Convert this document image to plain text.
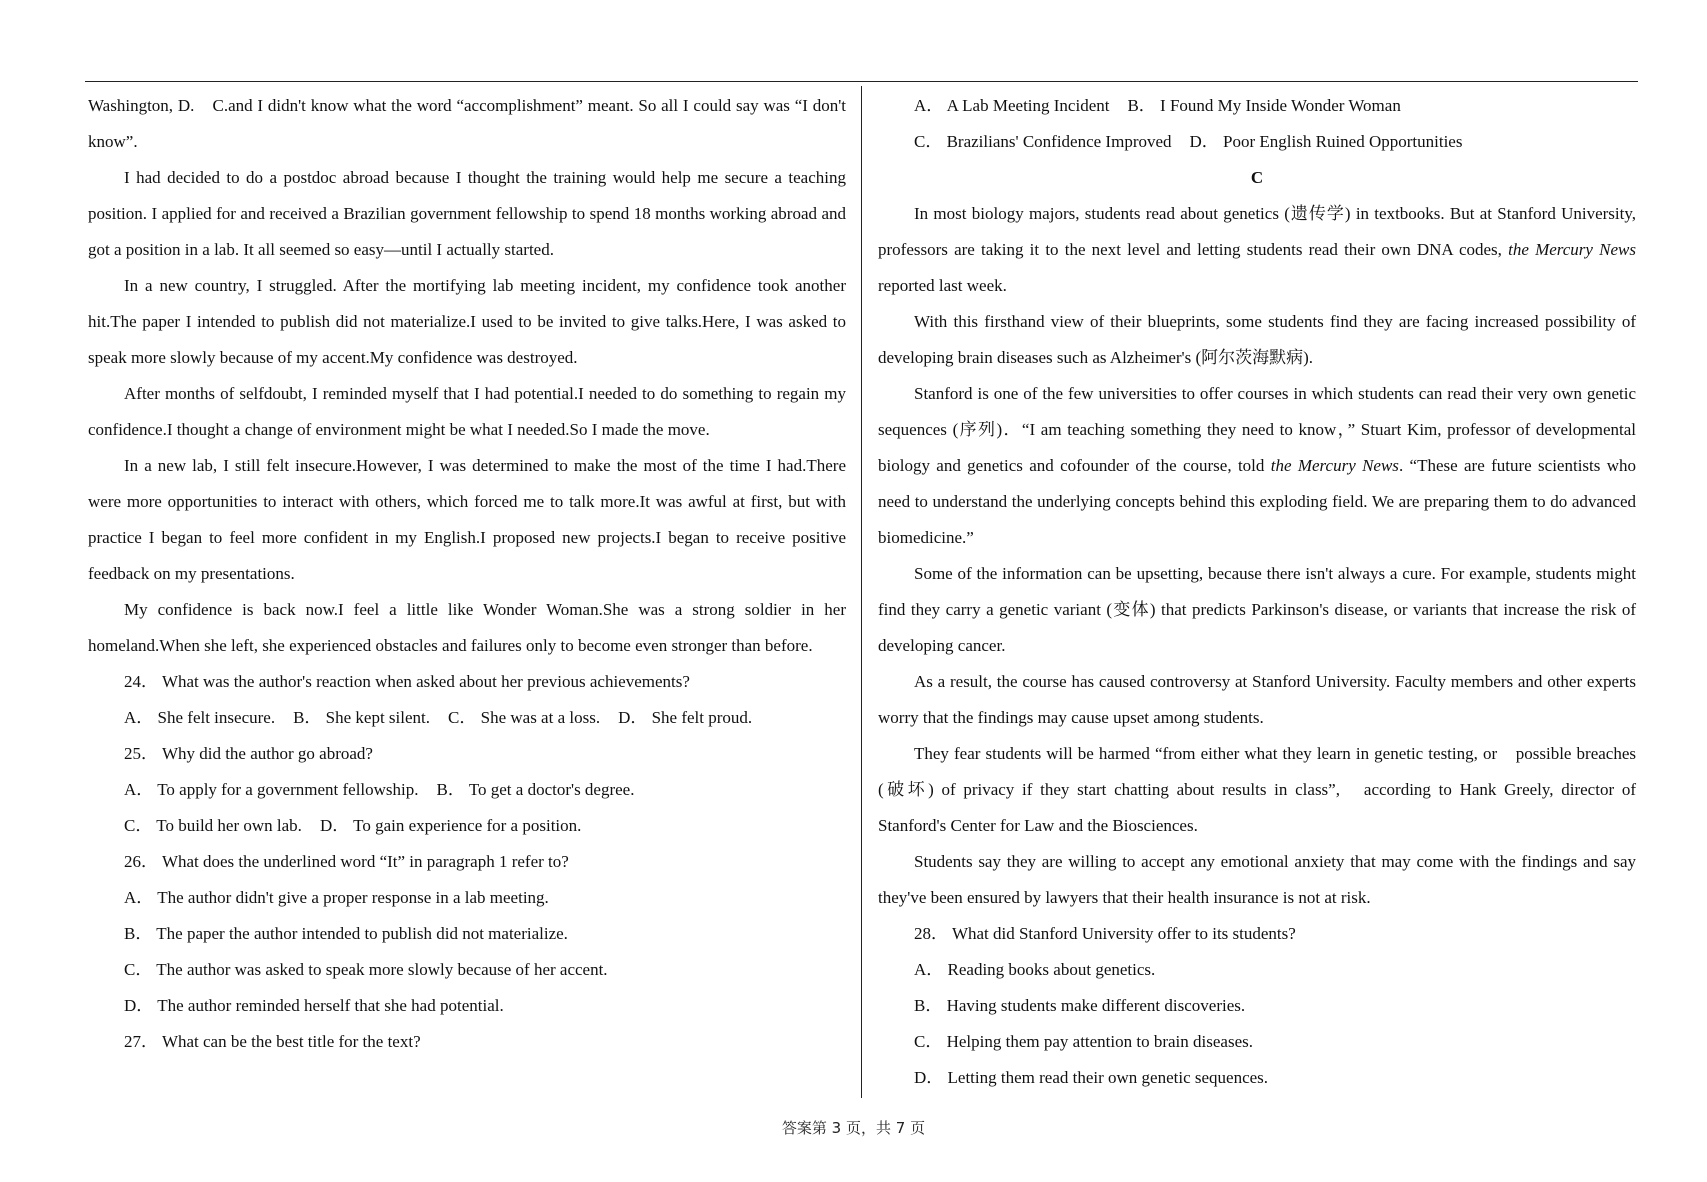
Washington, D.　C.and I didn't know what the word “accomplishment” meant. So all I could say was “I don't know”.

I had decided to do a postdoc abroad because I thought the training would help me secure a teaching position. I applied for and received a Brazilian government fellowship to spend 18 months working abroad and got a position in a lab. It all seemed so easy—until I actually started.

In a new country, I struggled. After the mortifying lab meeting incident, my confidence took another hit.The paper I intended to publish did not materialize.I used to be invited to give talks.Here, I was asked to speak more slowly because of my accent.My confidence was destroyed.

After months of selfdoubt, I reminded myself that I had potential.I needed to do something to regain my confidence.I thought a change of environment might be what I needed.So I made the move.

In a new lab, I still felt insecure.However, I was determined to make the most of the time I had.There were more opportunities to interact with others, which forced me to talk more.It was awful at first, but with practice I began to feel more confident in my English.I proposed new projects.I began to receive positive feedback on my presentations.

My confidence is back now.I feel a little like Wonder Woman.She was a strong soldier in her homeland.When she left, she experienced obstacles and failures only to become even stronger than before.

24． What was the author's reaction when asked about her previous achievements?

A． She felt insecure. B． She kept silent. C． She was at a loss. D． She felt proud.

25． Why did the author go abroad?

A． To apply for a government fellowship. B． To get a doctor's degree.

C． To build her own lab. D． To gain experience for a position.

26． What does the underlined word “It” in paragraph 1 refer to?

A． The author didn't give a proper response in a lab meeting.

B． The paper the author intended to publish did not materialize.

C． The author was asked to speak more slowly because of her accent.

D． The author reminded herself that she had potential.

27． What can be the best title for the text?

A． A Lab Meeting Incident B． I Found My Inside Wonder Woman

C． Brazilians' Confidence Improved D． Poor English Ruined Opportunities

C

In most biology majors, students read about genetics (遗传学) in textbooks. But at Stanford University, professors are taking it to the next level and letting students read their own DNA codes, the Mercury News reported last week.

With this firsthand view of their blueprints, some students find they are facing increased possibility of developing brain diseases such as Alzheimer's (阿尔茨海默病).

Stanford is one of the few universities to offer courses in which students can read their very own genetic sequences (序列)．“I am teaching something they need to know，” Stuart Kim, professor of developmental biology and genetics and cofounder of the course, told the Mercury News. “These are future scientists who need to understand the underlying concepts behind this exploding field. We are preparing them to do advanced biomedicine.”

Some of the information can be upsetting, because there isn't always a cure. For example, students might find they carry a genetic variant (变体) that predicts Parkinson's disease, or variants that increase the risk of developing cancer.

As a result, the course has caused controversy at Stanford University. Faculty members and other experts worry that the findings may cause upset among students.

They fear students will be harmed “from either what they learn in genetic testing, or　possible breaches (破坏) of privacy if they start chatting about results in class”,　according to Hank Greely, director of Stanford's Center for Law and the Biosciences.

Students say they are willing to accept any emotional anxiety that may come with the findings and say they've been ensured by lawyers that their health insurance is not at risk.

28． What did Stanford University offer to its students?

A． Reading books about genetics.

B． Having students make different discoveries.

C． Helping them pay attention to brain diseases.

D． Letting them read their own genetic sequences.

答案第 3 页，共 7 页
